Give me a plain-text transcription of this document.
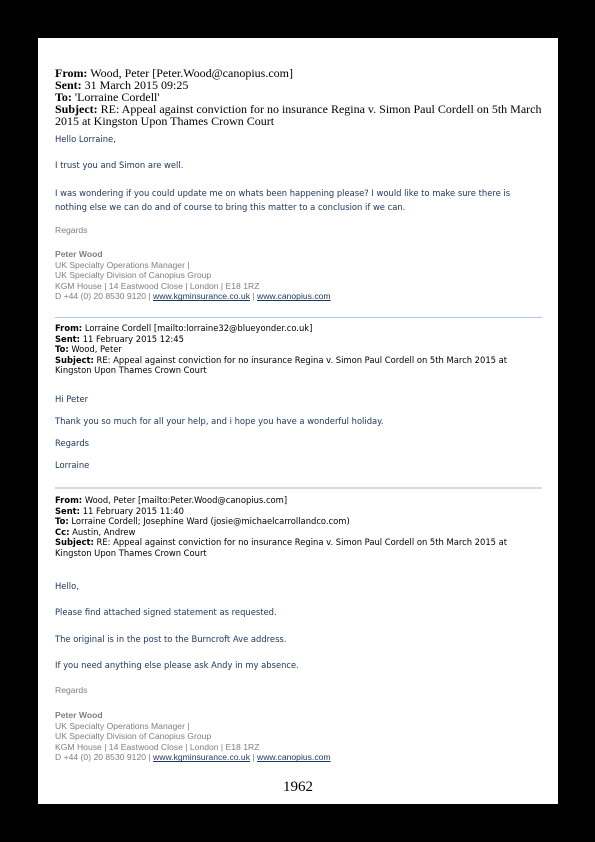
From: Wood, Peter [Peter.Wood@canopius.com]
Sent: 31 March 2015 09:25
To: 'Lorraine Cordell'
Subject: RE: Appeal against conviction for no insurance Regina v. Simon Paul Cordell on 5th March 2015 at Kingston Upon Thames Crown Court
Hello Lorraine,
I trust you and Simon are well.
I was wondering if you could update me on whats been happening please? I would like to make sure there is nothing else we can do and of course to bring this matter to a conclusion if we can.
Regards
Peter Wood
UK Specialty Operations Manager |
UK Specialty Division of Canopius Group
KGM House | 14 Eastwood Close | London | E18 1RZ
D +44 (0) 20 8530 9120 | www.kgminsurance.co.uk | www.canopius.com
From: Lorraine Cordell [mailto:lorraine32@blueyonder.co.uk]
Sent: 11 February 2015 12:45
To: Wood, Peter
Subject: RE: Appeal against conviction for no insurance Regina v. Simon Paul Cordell on 5th March 2015 at Kingston Upon Thames Crown Court
Hi Peter
Thank you so much for all your help, and i hope you have a wonderful holiday.
Regards
Lorraine
From: Wood, Peter [mailto:Peter.Wood@canopius.com]
Sent: 11 February 2015 11:40
To: Lorraine Cordell; Josephine Ward (josie@michaelcarrollandco.com)
Cc: Austin, Andrew
Subject: RE: Appeal against conviction for no insurance Regina v. Simon Paul Cordell on 5th March 2015 at Kingston Upon Thames Crown Court
Hello,
Please find attached signed statement as requested.
The original is in the post to the Burncroft Ave address.
If you need anything else please ask Andy in my absence.
Regards
Peter Wood
UK Specialty Operations Manager |
UK Specialty Division of Canopius Group
KGM House | 14 Eastwood Close | London | E18 1RZ
D +44 (0) 20 8530 9120 | www.kgminsurance.co.uk | www.canopius.com
1962
